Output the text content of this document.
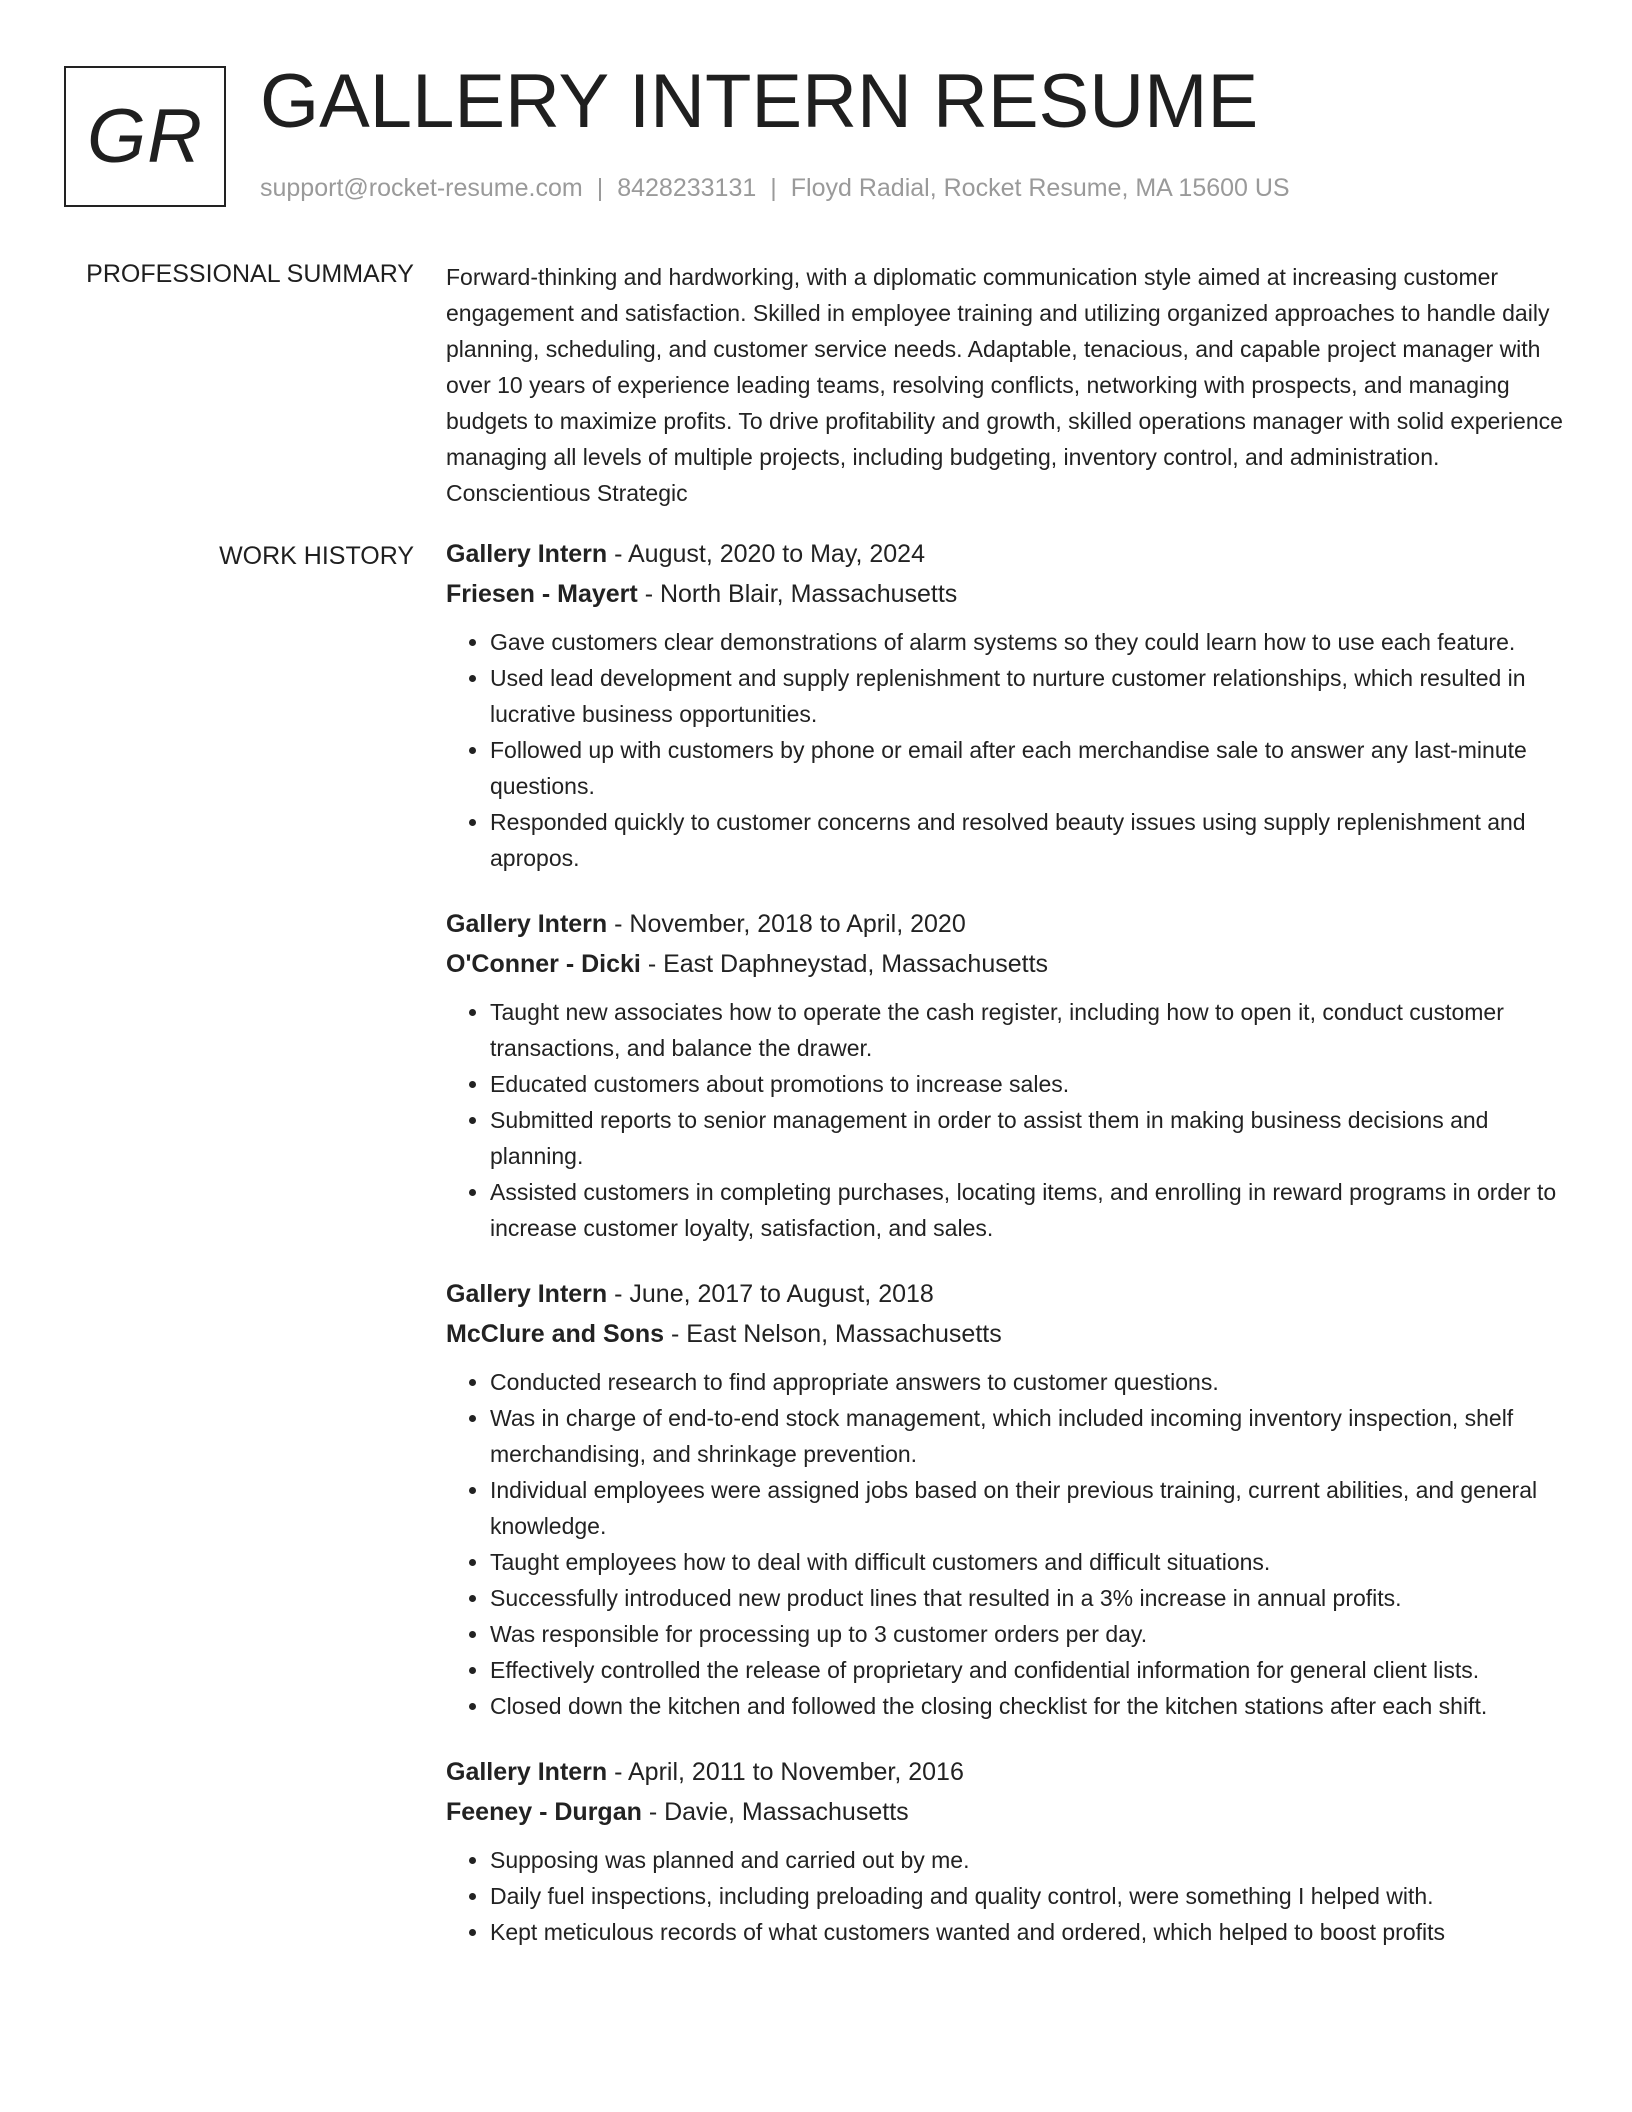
GR GALLERY INTERN RESUME
support@rocket-resume.com | 8428233131 | Floyd Radial, Rocket Resume, MA 15600 US
PROFESSIONAL SUMMARY Forward-thinking and hardworking, with a diplomatic communication style aimed at increasing customer engagement and satisfaction. Skilled in employee training and utilizing organized approaches to handle daily planning, scheduling, and customer service needs. Adaptable, tenacious, and capable project manager with over 10 years of experience leading teams, resolving conflicts, networking with prospects, and managing budgets to maximize profits. To drive profitability and growth, skilled operations manager with solid experience managing all levels of multiple projects, including budgeting, inventory control, and administration. Conscientious Strategic

WORK HISTORY Gallery Intern - August, 2020 to May, 2024
Friesen - Mayert - North Blair, Massachusetts
• Gave customers clear demonstrations of alarm systems so they could learn how to use each feature.
• Used lead development and supply replenishment to nurture customer relationships, which resulted in lucrative business opportunities.
• Followed up with customers by phone or email after each merchandise sale to answer any last-minute questions.
• Responded quickly to customer concerns and resolved beauty issues using supply replenishment and apropos.
Gallery Intern - November, 2018 to April, 2020
O'Conner - Dicki - East Daphneystad, Massachusetts
• Taught new associates how to operate the cash register, including how to open it, conduct customer transactions, and balance the drawer.
• Educated customers about promotions to increase sales.
• Submitted reports to senior management in order to assist them in making business decisions and planning.
• Assisted customers in completing purchases, locating items, and enrolling in reward programs in order to increase customer loyalty, satisfaction, and sales.
Gallery Intern - June, 2017 to August, 2018
McClure and Sons - East Nelson, Massachusetts
• Conducted research to find appropriate answers to customer questions.
• Was in charge of end-to-end stock management, which included incoming inventory inspection, shelf merchandising, and shrinkage prevention.
• Individual employees were assigned jobs based on their previous training, current abilities, and general knowledge.
• Taught employees how to deal with difficult customers and difficult situations.
• Successfully introduced new product lines that resulted in a 3% increase in annual profits.
• Was responsible for processing up to 3 customer orders per day.
• Effectively controlled the release of proprietary and confidential information for general client lists.
• Closed down the kitchen and followed the closing checklist for the kitchen stations after each shift.
Gallery Intern - April, 2011 to November, 2016
Feeney - Durgan - Davie, Massachusetts
• Supposing was planned and carried out by me.
• Daily fuel inspections, including preloading and quality control, were something I helped with.
• Kept meticulous records of what customers wanted and ordered, which helped to boost profits
